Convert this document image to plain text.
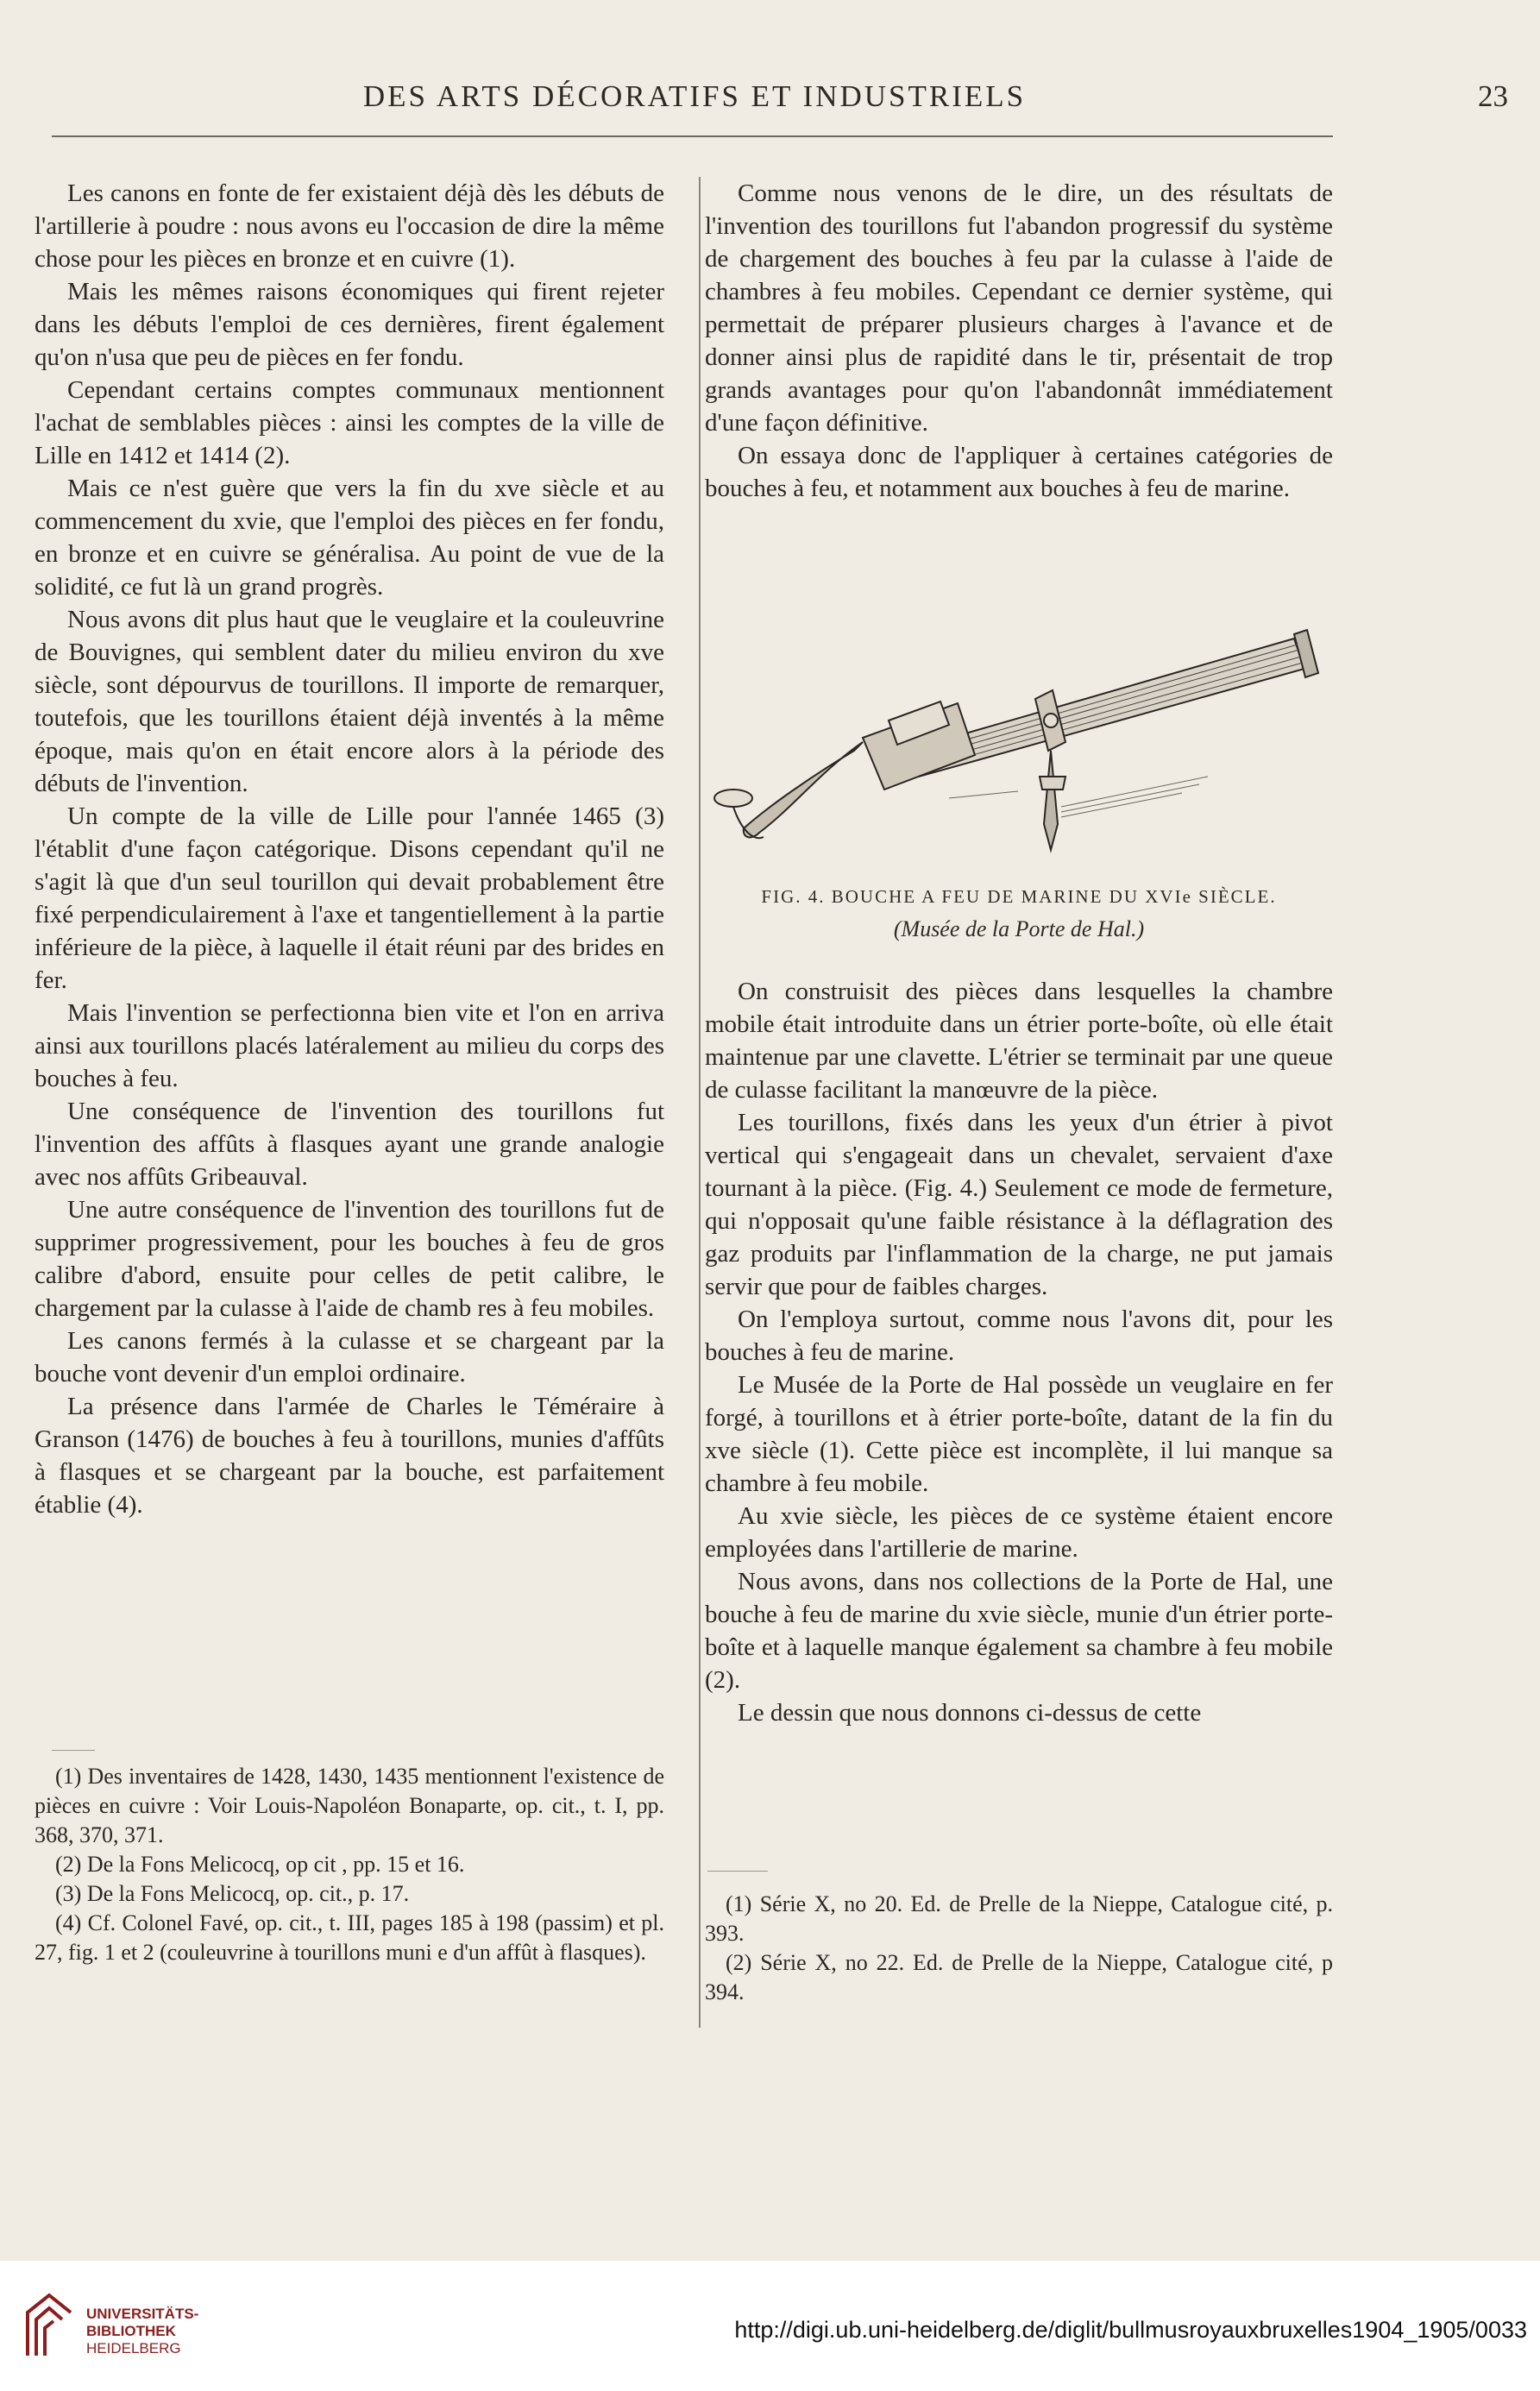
DES ARTS DÉCORATIFS ET INDUSTRIELS	23

Les canons en fonte de fer existaient déjà dès les débuts de l'artillerie à poudre : nous avons eu l'occasion de dire la même chose pour les pièces en bronze et en cuivre (1).

Mais les mêmes raisons économiques qui firent rejeter dans les débuts l'emploi de ces dernières, firent également qu'on n'usa que peu de pièces en fer fondu.

Cependant certains comptes communaux mentionnent l'achat de semblables pièces : ainsi les comptes de la ville de Lille en 1412 et 1414 (2).

Mais ce n'est guère que vers la fin du xve siècle et au commencement du xvie, que l'emploi des pièces en fer fondu, en bronze et en cuivre se généralisa. Au point de vue de la solidité, ce fut là un grand progrès.

Nous avons dit plus haut que le veuglaire et la couleuvrine de Bouvignes, qui semblent dater du milieu environ du xve siècle, sont dépourvus de tourillons. Il importe de remarquer, toutefois, que les tourillons étaient déjà inventés à la même époque, mais qu'on en était encore alors à la période des débuts de l'invention.

Un compte de la ville de Lille pour l'année 1465 (3) l'établit d'une façon catégorique. Disons cependant qu'il ne s'agit là que d'un seul tourillon qui devait probablement être fixé perpendiculairement à l'axe et tangentiellement à la partie inférieure de la pièce, à laquelle il était réuni par des brides en fer.

Mais l'invention se perfectionna bien vite et l'on en arriva ainsi aux tourillons placés latéralement au milieu du corps des bouches à feu.

Une conséquence de l'invention des tourillons fut l'invention des affûts à flasques ayant une grande analogie avec nos affûts Gribeauval.

Une autre conséquence de l'invention des tourillons fut de supprimer progressivement, pour les bouches à feu de gros calibre d'abord, ensuite pour celles de petit calibre, le chargement par la culasse à l'aide de chamb res à feu mobiles.

Les canons fermés à la culasse et se chargeant par la bouche vont devenir d'un emploi ordinaire.

La présence dans l'armée de Charles le Téméraire à Granson (1476) de bouches à feu à tourillons, munies d'affûts à flasques et se chargeant par la bouche, est parfaitement établie (4).

Comme nous venons de le dire, un des résultats de l'invention des tourillons fut l'abandon progressif du système de chargement des bouches à feu par la culasse à l'aide de chambres à feu mobiles. Cependant ce dernier système, qui permettait de préparer plusieurs charges à l'avance et de donner ainsi plus de rapidité dans le tir, présentait de trop grands avantages pour qu'on l'abandonnât immédiatement d'une façon définitive.

On essaya donc de l'appliquer à certaines catégories de bouches à feu, et notamment aux bouches à feu de marine.

FIG. 4. BOUCHE A FEU DE MARINE DU XVIe SIÈCLE.
(Musée de la Porte de Hal.)

On construisit des pièces dans lesquelles la chambre mobile était introduite dans un étrier porte-boîte, où elle était maintenue par une clavette. L'étrier se terminait par une queue de culasse facilitant la manœuvre de la pièce.

Les tourillons, fixés dans les yeux d'un étrier à pivot vertical qui s'engageait dans un chevalet, servaient d'axe tournant à la pièce. (Fig. 4.) Seulement ce mode de fermeture, qui n'opposait qu'une faible résistance à la déflagration des gaz produits par l'inflammation de la charge, ne put jamais servir que pour de faibles charges.

On l'employa surtout, comme nous l'avons dit, pour les bouches à feu de marine.

Le Musée de la Porte de Hal possède un veuglaire en fer forgé, à tourillons et à étrier porte-boîte, datant de la fin du xve siècle (1). Cette pièce est incomplète, il lui manque sa chambre à feu mobile.

Au xvie siècle, les pièces de ce système étaient encore employées dans l'artillerie de marine.

Nous avons, dans nos collections de la Porte de Hal, une bouche à feu de marine du xvie siècle, munie d'un étrier porte-boîte et à laquelle manque également sa chambre à feu mobile (2).

Le dessin que nous donnons ci-dessus de cette

(1) Des inventaires de 1428, 1430, 1435 mentionnent l'existence de pièces en cuivre : Voir Louis-Napoléon Bonaparte, op. cit., t. I, pp. 368, 370, 371.

(2) De la Fons Melicocq, op cit , pp. 15 et 16.

(3) De la Fons Melicocq, op. cit., p. 17.

(4) Cf. Colonel Favé, op. cit., t. III, pages 185 à 198 (passim) et pl. 27, fig. 1 et 2 (couleuvrine à tourillons muni e d'un affût à flasques).

(1) Série X, no 20. Ed. de Prelle de la Nieppe, Catalogue cité, p. 393.

(2) Série X, no 22. Ed. de Prelle de la Nieppe, Catalogue cité, p 394.

UNIVERSITÄTS-
BIBLIOTHEK
HEIDELBERG
http://digi.ub.uni-heidelberg.de/diglit/bullmusroyauxbruxelles1904_1905/0033
